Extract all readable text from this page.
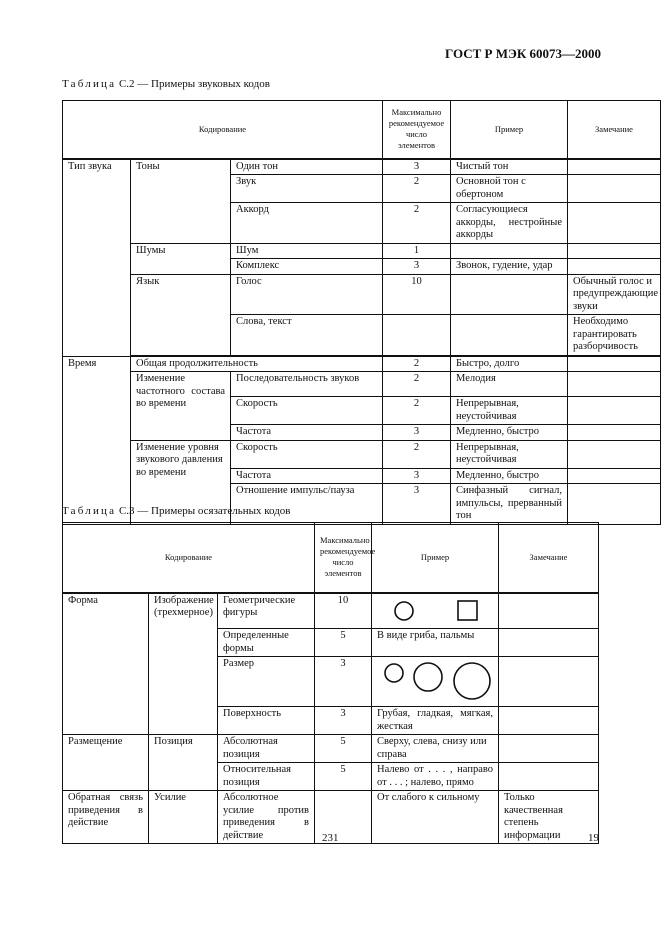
ГОСТ Р МЭК 60073—2000
Таблица С.2 — Примеры звуковых кодов
Кодирование			Максимально рекомендуемое число элементов	Пример	Замечание
Тип звука	Тоны	Один тон	3	Чистый тон	
		Звук	2	Основной тон с обертоном	
		Аккорд	2	Согласующиеся аккорды, нестройные аккорды	
	Шумы	Шум	1		
		Комплекс	3	Звонок, гудение, удар	
	Язык	Голос	10		Обычный голос и предупреждающие звуки
		Слова, текст			Необходимо гарантировать разборчивость

Время	Общая продолжительность		2	Быстро, долго	
	Изменение частотного состава во времени	Последовательность звуков	2	Мелодия	
		Скорость	2	Непрерывная, неустойчивая	
		Частота	3	Медленно, быстро	
	Изменение уровня звукового давления во времени	Скорость	2	Непрерывная, неустойчивая	
		Частота	3	Медленно, быстро	
		Отношение импульс/пауза	3	Синфазный сигнал, импульсы, прерванный тон	
Таблица С.3 — Примеры осязательных кодов
Кодирование			Максимально рекомендуемое число элементов	Пример	Замечание
Форма	Изображение (трехмерное)	Геометрические фигуры	10	

		Определенные формы	5	В виде гриба, пальмы	
		Размер	3	

		Поверхность	3	Грубая, гладкая, мягкая, жесткая	
Размещение	Позиция	Абсолютная позиция	5	Сверху, слева, снизу или справа	
		Относительная позиция	5	Налево от . . . , направо от . . . ; налево, прямо	
Обратная связь приведения в действие	Усилие	Абсолютное усилие против приведения в действие		От слабого к сильному	Только качественная степень информации
231	19
